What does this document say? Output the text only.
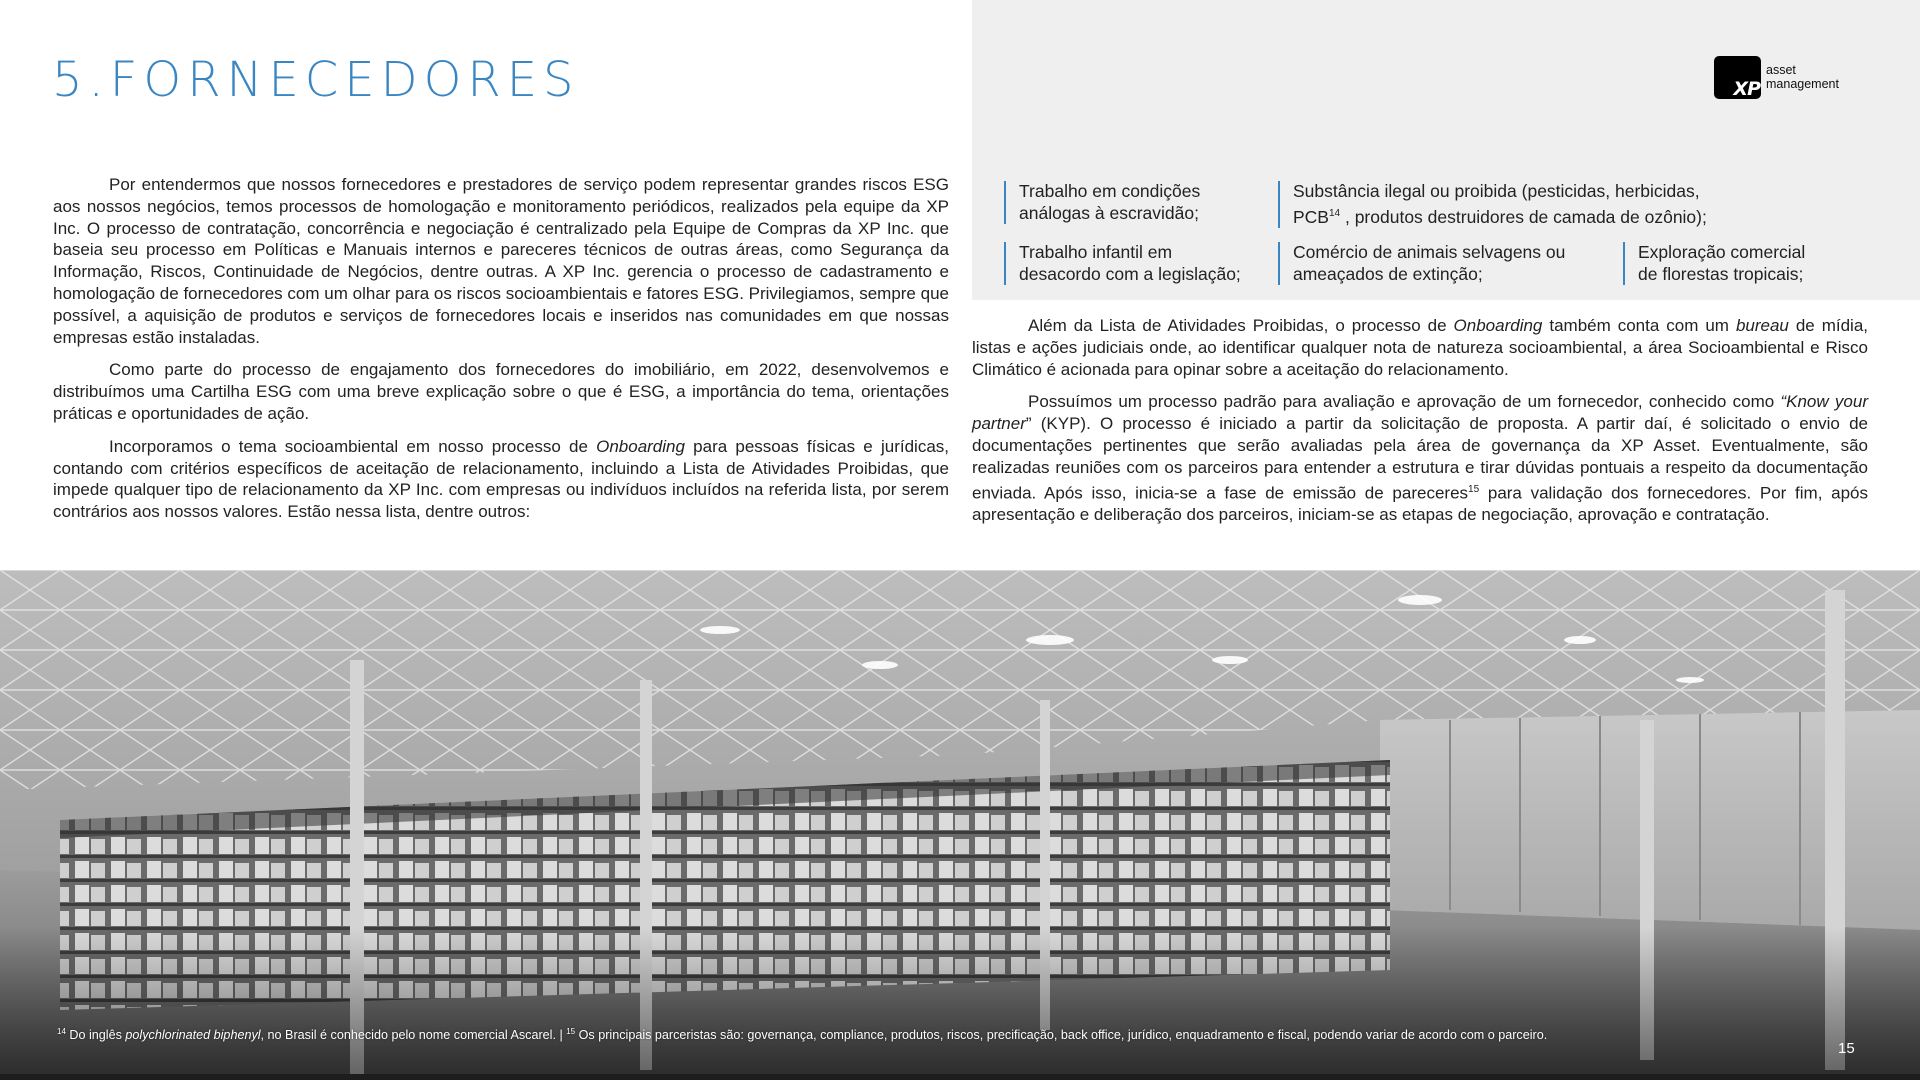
5.FORNECEDORES	XP
asset
management

Por entendermos que nossos fornecedores e prestadores de serviço podem representar grandes riscos ESG aos nossos negócios, temos processos de homologação e monitoramento periódicos, realizados pela equipe da XP Inc. O processo de contratação, concorrência e negociação é centralizado pela Equipe de Compras da XP Inc. que baseia seu processo em Políticas e Manuais internos e pareceres técnicos de outras áreas, como Segurança da Informação, Riscos, Continuidade de Negócios, dentre outras. A XP Inc. gerencia o processo de cadastramento e homologação de fornecedores com um olhar para os riscos socioambientais e fatores ESG. Privilegiamos, sempre que possível, a aquisição de produtos e serviços de fornecedores locais e inseridos nas comunidades em que nossas empresas estão instaladas.

Como parte do processo de engajamento dos fornecedores do imobiliário, em 2022, desenvolvemos e distribuímos uma Cartilha ESG com uma breve explicação sobre o que é ESG, a importância do tema, orientações práticas e oportunidades de ação.

Incorporamos o tema socioambiental em nosso processo de Onboarding para pessoas físicas e jurídicas, contando com critérios específicos de aceitação de relacionamento, incluindo a Lista de Atividades Proibidas, que impede qualquer tipo de relacionamento da XP Inc. com empresas ou indivíduos incluídos na referida lista, por serem contrários aos nossos valores. Estão nessa lista, dentre outros:

Trabalho em condições
análogas à escravidão;
Substância ilegal ou proibida (pesticidas, herbicidas,
PCB$^{14}$ , produtos destruidores de camada de ozônio);
Trabalho infantil em
desacordo com a legislação;
Comércio de animais selvagens ou
ameaçados de extinção;
Exploração comercial
de florestas tropicais;

Além da Lista de Atividades Proibidas, o processo de Onboarding também conta com um bureau de mídia, listas e ações judiciais onde, ao identificar qualquer nota de natureza socioambiental, a área Socioambiental e Risco Climático é acionada para opinar sobre a aceitação do relacionamento.

Possuímos um processo padrão para avaliação e aprovação de um fornecedor, conhecido como “Know your partner” (KYP). O processo é iniciado a partir da solicitação de proposta. A partir daí, é solicitado o envio de documentações pertinentes que serão avaliadas pela área de governança da XP Asset. Eventualmente, são realizadas reuniões com os parceiros para entender a estrutura e tirar dúvidas pontuais a respeito da documentação enviada. Após isso, inicia-se a fase de emissão de pareceres$^{15}$ para validação dos fornecedores. Por fim, após apresentação e deliberação dos parceiros, iniciam-se as etapas de negociação, aprovação e contratação.

$^{14}$ Do inglês polychlorinated biphenyl, no Brasil é conhecido pelo nome comercial Ascarel. | $^{15}$ Os principais parceristas são: governança, compliance, produtos, riscos, precificação, back office, jurídico, enquadramento e fiscal, podendo variar de acordo com o parceiro.
15
